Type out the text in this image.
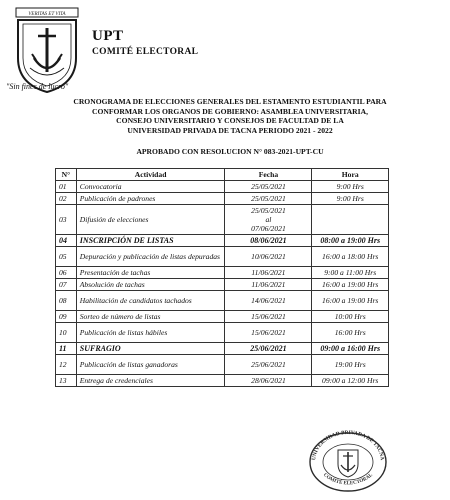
VERITAS ET VITA
UPT
COMITÉ ELECTORAL
"Sin fines de lucro"
CRONOGRAMA DE ELECCIONES GENERALES DEL ESTAMENTO ESTUDIANTIL PARA
CONFORMAR LOS ORGANOS DE GOBIERNO: ASAMBLEA UNIVERSITARIA,
CONSEJO UNIVERSITARIO Y CONSEJOS DE FACULTAD DE LA
UNIVERSIDAD PRIVADA DE TACNA PERIODO 2021 - 2022
APROBADO CON RESOLUCION N° 083-2021-UPT-CU
N°	Actividad	Fecha	Hora
01	Convocatoria	25/05/2021	9:00 Hrs
02	Publicación de padrones	25/05/2021	9:00 Hrs
03	Difusión de elecciones	25/05/2021
al
07/06/2021	
04	INSCRIPCIÓN DE LISTAS	08/06/2021	08:00 a 19:00 Hrs
05	Depuración y publicación de listas depuradas	10/06/2021	16:00 a 18:00 Hrs
06	Presentación de tachas	11/06/2021	9:00 a 11:00 Hrs
07	Absolución de tachas	11/06/2021	16:00 a 19:00 Hrs
08	Habilitación de candidatos tachados	14/06/2021	16:00 a 19:00 Hrs
09	Sorteo de número de listas	15/06/2021	10:00 Hrs
10	Publicación de listas hábiles	15/06/2021	16:00 Hrs
11	SUFRAGIO	25/06/2021	09:00 a 16:00 Hrs
12	Publicación de listas ganadoras	25/06/2021	19:00 Hrs
13	Entrega de credenciales	28/06/2021	09:00 a 12:00 Hrs
UNIVERSIDAD PRIVADA DE TACNA
COMITÉ ELECTORAL
